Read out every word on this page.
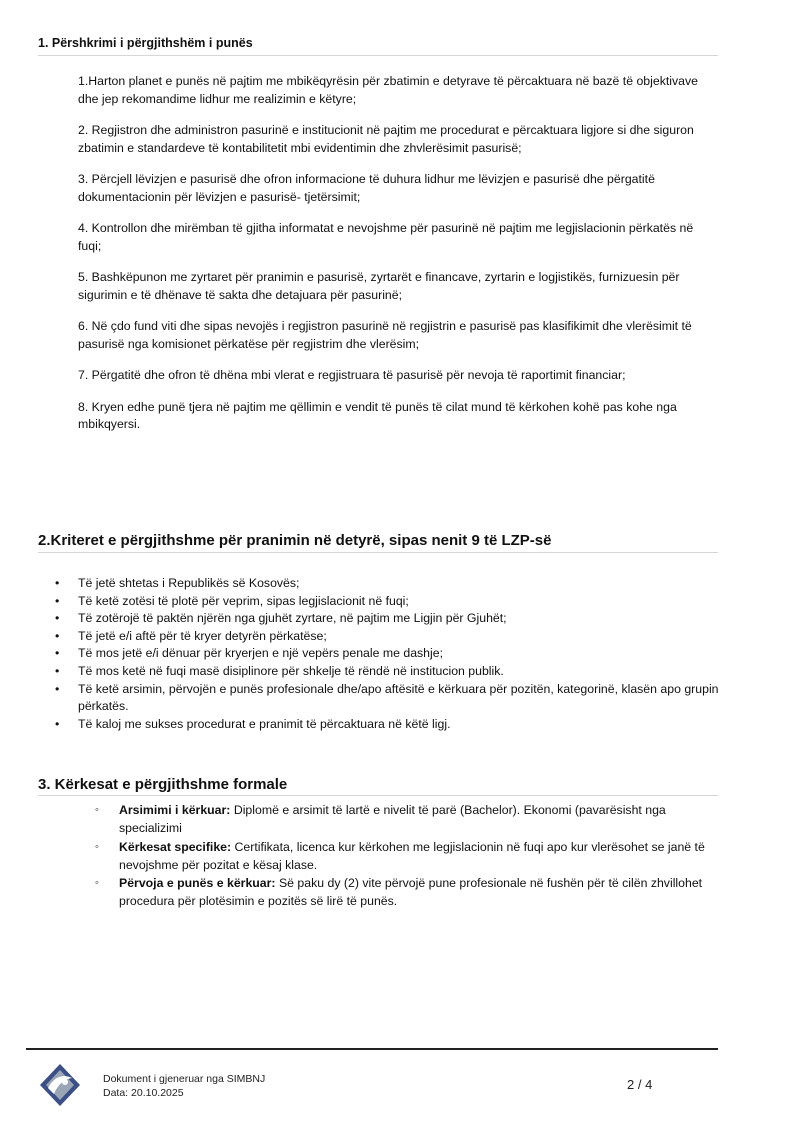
1. Përshkrimi i përgjithshëm i punës

1.Harton planet e punës në pajtim me mbikëqyrësin për zbatimin e detyrave të përcaktuara në bazë të objektivave dhe jep rekomandime lidhur me realizimin e këtyre;

2. Regjistron dhe administron pasurinë e institucionit në pajtim me procedurat e përcaktuara ligjore si dhe siguron zbatimin e standardeve të kontabilitetit mbi evidentimin dhe zhvlerësimit pasurisë;

3. Përcjell lëvizjen e pasurisë dhe ofron informacione të duhura lidhur me lëvizjen e pasurisë dhe përgatitë dokumentacionin për lëvizjen e pasurisë- tjetërsimit;

4. Kontrollon dhe mirëmban të gjitha informatat e nevojshme për pasurinë në pajtim me legjislacionin përkatës në fuqi;

5. Bashkëpunon me zyrtaret për pranimin e pasurisë, zyrtarët e financave, zyrtarin e logjistikës, furnizuesin për sigurimin e të dhënave të sakta dhe detajuara për pasurinë;

6. Në çdo fund viti dhe sipas nevojës i regjistron pasurinë në regjistrin e pasurisë pas klasifikimit dhe vlerësimit të pasurisë nga komisionet përkatëse për regjistrim dhe vlerësim;

7. Përgatitë dhe ofron të dhëna mbi vlerat e regjistruara të pasurisë për nevoja të raportimit financiar;

8. Kryen edhe punë tjera në pajtim me qëllimin e vendit të punës të cilat mund të kërkohen kohë pas kohe nga mbikqyersi.

2.Kriteret e përgjithshme për pranimin në detyrë, sipas nenit 9 të LZP-së
• Të jetë shtetas i Republikës së Kosovës;
• Të ketë zotësi të plotë për veprim, sipas legjislacionit në fuqi;
• Të zotërojë të paktën njërën nga gjuhët zyrtare, në pajtim me Ligjin për Gjuhët;
• Të jetë e/i aftë për të kryer detyrën përkatëse;
• Të mos jetë e/i dënuar për kryerjen e një vepërs penale me dashje;
• Të mos ketë në fuqi masë disiplinore për shkelje të rëndë në institucion publik.
• Të ketë arsimin, përvojën e punës profesionale dhe/apo aftësitë e kërkuara për pozitën, kategorinë, klasën apo grupin përkatës.
• Të kaloj me sukses procedurat e pranimit të përcaktuara në këtë ligj.
3. Kërkesat e përgjithshme formale
◦ Arsimimi i kërkuar: Diplomë e arsimit të lartë e nivelit të parë (Bachelor). Ekonomi (pavarësisht nga specializimi
◦ Kërkesat specifike: Certifikata, licenca kur kërkohen me legjislacionin në fuqi apo kur vlerësohet se janë të nevojshme për pozitat e kësaj klase.
◦ Përvoja e punës e kërkuar: Së paku dy (2) vite përvojë pune profesionale në fushën për të cilën zhvillohet procedura për plotësimin e pozitës së lirë të punës.
Dokument i gjeneruar nga SIMBNJ
Data: 20.10.2025
2 / 4
